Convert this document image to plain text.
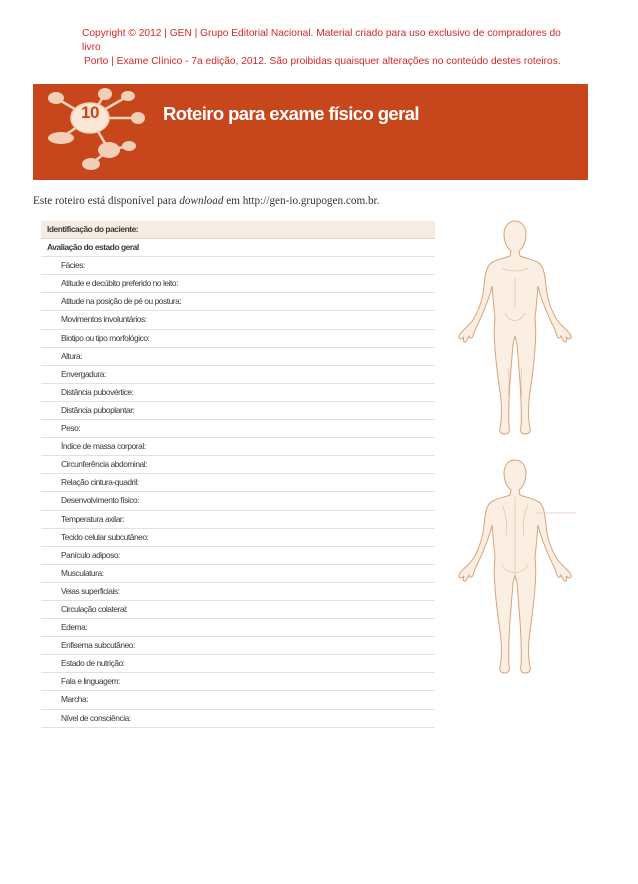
Copyright © 2012 | GEN | Grupo Editorial Nacional. Material criado para uso exclusivo de compradores do livro
Porto | Exame Clínico - 7a edição, 2012. São proibidas quaisquer alterações no conteúdo destes roteiros.
10	Roteiro para exame físico geral
Este roteiro está disponível para download em http://gen-io.grupogen.com.br.
Identificação do paciente:
Avaliação do estado geral
Fácies:
Atitude e decúbito preferido no leito:
Atitude na posição de pé ou postura:
Movimentos involuntários:
Biotipo ou tipo morfológico:
Altura:
Envergadura:
Distância pubovértice:
Distância puboplantar:
Peso:
Índice de massa corporal:
Circunferência abdominal:
Relação cintura-quadril:
Desenvolvimento físico:
Temperatura axilar:
Tecido celular subcutâneo:
Panículo adiposo:
Musculatura:
Veias superficiais:
Circulação colateral:
Edema:
Enfisema subcutâneo:
Estado de nutrição:
Fala e linguagem:
Marcha:
Nível de consciência:
